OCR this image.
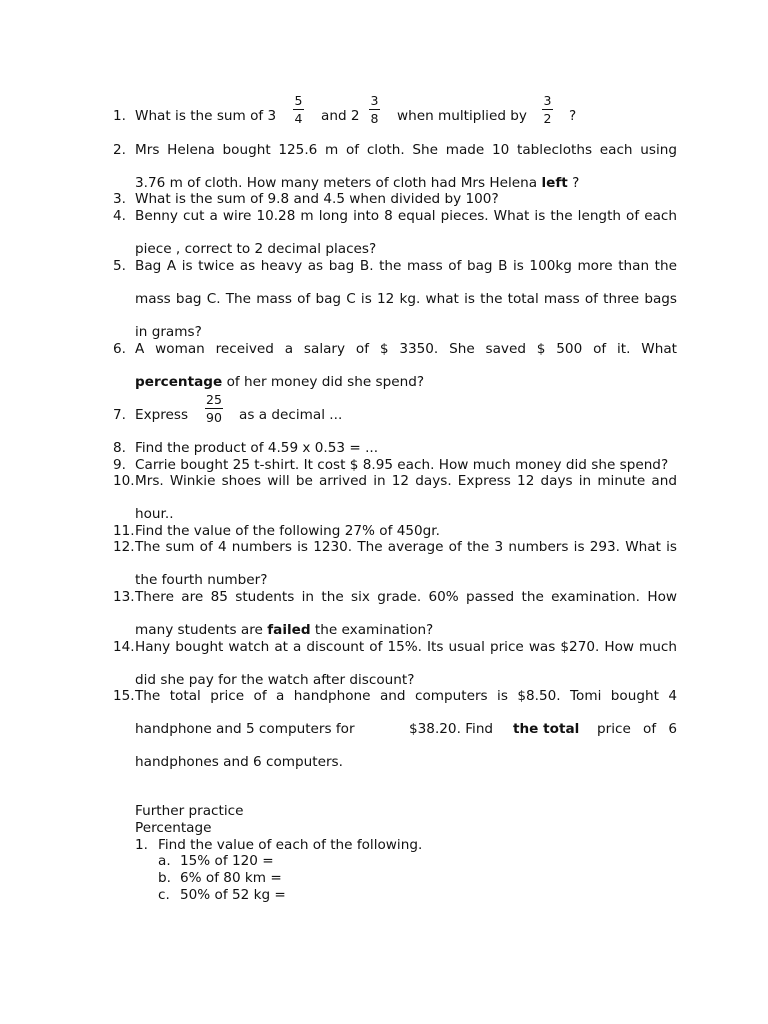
1. What is the sum of 3
5
4 and 2
3
8 when multiplied by
3
2 ?
2. Mrs Helena bought 125.6 m of cloth. She made 10 tablecloths each using
3.76 m of cloth. How many meters of cloth had Mrs Helena left ?
3. What is the sum of 9.8 and 4.5 when divided by 100?
4. Benny cut a wire 10.28 m long into 8 equal pieces. What is the length of each
piece , correct to 2 decimal places?
5. Bag A is twice as heavy as bag B. the mass of bag B is 100kg more than the
mass bag C. The mass of bag C is 12 kg. what is the total mass of three bags
in grams?
6. A woman received a salary of $ 3350. She saved $ 500 of it. What
percentage of her money did she spend?
7. Express
25
90 as a decimal ...
8. Find the product of 4.59 x 0.53 = ...
9. Carrie bought 25 t-shirt. It cost $ 8.95 each. How much money did she spend?
10. Mrs. Winkie shoes will be arrived in 12 days. Express 12 days in minute and
hour..
11. Find the value of the following 27% of 450gr.
12. The sum of 4 numbers is 1230. The average of the 3 numbers is 293. What is
the fourth number?
13. There are 85 students in the six grade. 60% passed the examination. How
many students are failed the examination?
14. Hany bought watch at a discount of 15%. Its usual price was $270. How much
did she pay for the watch after discount?
15. The total price of a handphone and computers is $8.50. Tomi bought 4
handphone and 5 computers for	$38.20. Find the total price of 6
handphones and 6 computers.
Further practice
Percentage
1. Find the value of each of the following.
a. 15% of 120 =
b. 6% of 80 km =
c. 50% of 52 kg =
